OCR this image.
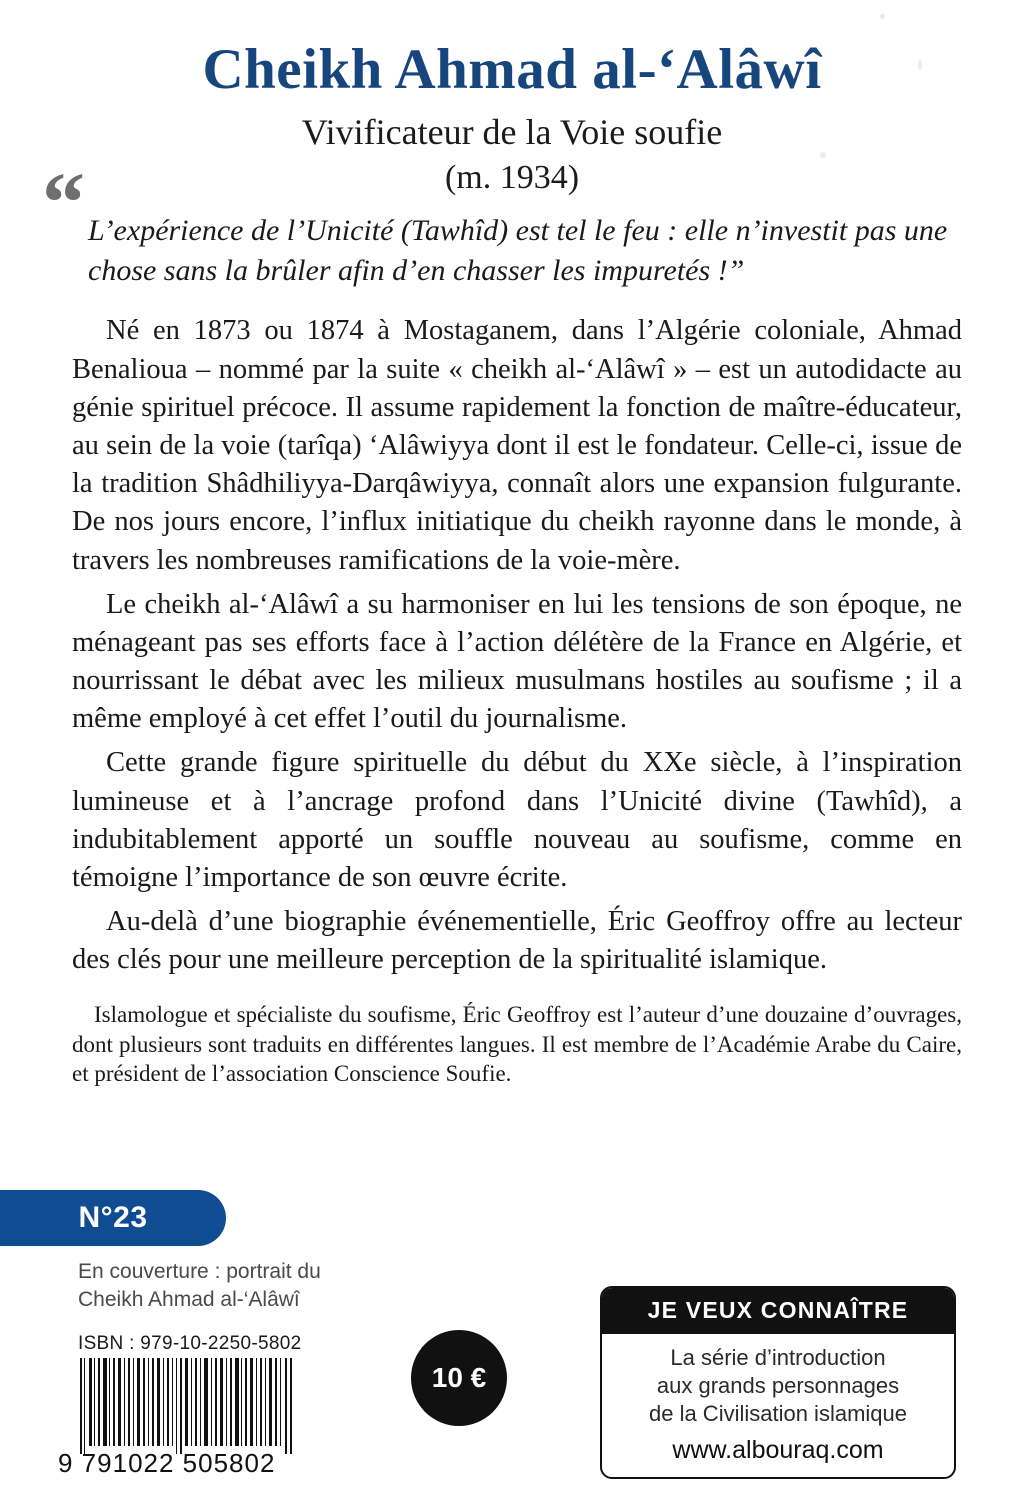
Cheikh Ahmad al-‘Alâwî
Vivificateur de la Voie soufie
(m. 1934)
“ L’expérience de l’Unicité (Tawhîd) est tel le feu : elle n’investit pas une chose sans la brûler afin d’en chasser les impuretés !”

Né en 1873 ou 1874 à Mostaganem, dans l’Algérie coloniale, Ahmad Benalioua – nommé par la suite « cheikh al-‘Alâwî » – est un autodidacte au génie spirituel précoce. Il assume rapidement la fonction de maître-éducateur, au sein de la voie (tarîqa) ‘Alâwiyya dont il est le fondateur. Celle-ci, issue de la tradition Shâdhiliyya-Darqâwiyya, connaît alors une expansion fulgurante. De nos jours encore, l’influx initiatique du cheikh rayonne dans le monde, à travers les nombreuses ramifications de la voie-mère.

Le cheikh al-‘Alâwî a su harmoniser en lui les tensions de son époque, ne ménageant pas ses efforts face à l’action délétère de la France en Algérie, et nourrissant le débat avec les milieux musulmans hostiles au soufisme ; il a même employé à cet effet l’outil du journalisme.

Cette grande figure spirituelle du début du XXe siècle, à l’inspiration lumineuse et à l’ancrage profond dans l’Unicité divine (Tawhîd), a indubitablement apporté un souffle nouveau au soufisme, comme en témoigne l’importance de son œuvre écrite.

Au-delà d’une biographie événementielle, Éric Geoffroy offre au lecteur des clés pour une meilleure perception de la spiritualité islamique.

Islamologue et spécialiste du soufisme, Éric Geoffroy est l’auteur d’une douzaine d’ouvrages, dont plusieurs sont traduits en différentes langues. Il est membre de l’Académie Arabe du Caire, et président de l’association Conscience Soufie.

N°23
En couverture : portrait du
Cheikh Ahmad al-‘Alâwî
ISBN : 979-10-2250-5802
9 791022 505802
10 €
JE VEUX CONNAÎTRE
La série d’introduction
aux grands personnages
de la Civilisation islamique
www.albouraq.com
